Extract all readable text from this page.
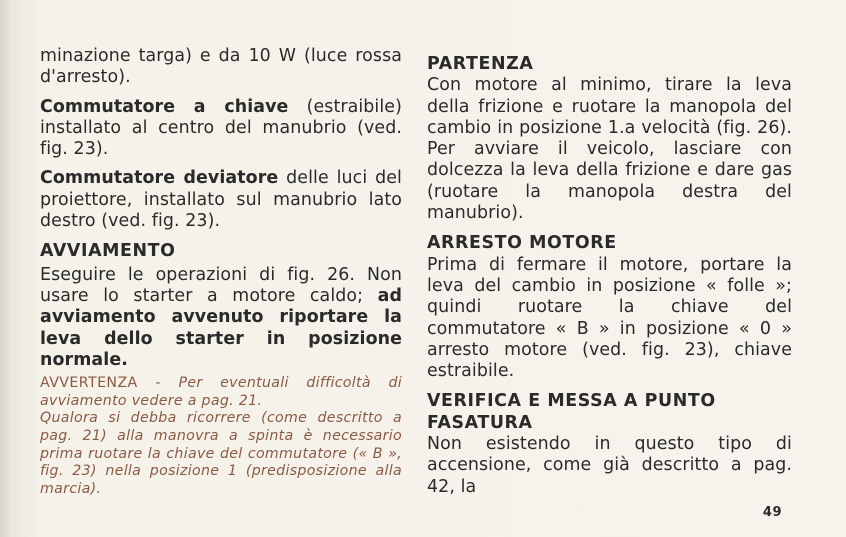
minazione targa) e da 10 W (luce rossa d'arresto).

Commutatore a chiave (estraibile) installato al centro del manubrio (ved. fig. 23).

Commutatore deviatore delle luci del proiettore, installato sul manubrio lato destro (ved. fig. 23).

AVVIAMENTO

Eseguire le operazioni di fig. 26. Non usare lo starter a motore caldo; ad avviamento avvenuto riportare la leva dello starter in posizione normale.

AVVERTENZA - Per eventuali difficoltà di avviamento vedere a pag. 21.

Qualora si debba ricorrere (come descritto a pag. 21) alla manovra a spinta è necessario prima ruotare la chiave del commutatore (« B », fig. 23) nella posizione 1 (predisposizione alla marcia).

PARTENZA

Con motore al minimo, tirare la leva della frizione e ruotare la manopola del cambio in posizione 1.a velocità (fig. 26). Per avviare il veicolo, lasciare con dolcezza la leva della frizione e dare gas (ruotare la manopola destra del manubrio).

ARRESTO MOTORE

Prima di fermare il motore, portare la leva del cambio in posizione « folle »; quindi ruotare la chiave del commutatore « B » in posizione « 0 » arresto motore (ved. fig. 23), chiave estraibile.

VERIFICA E MESSA A PUNTO FASATURA

Non esistendo in questo tipo di accensione, come già descritto a pag. 42, la

49
